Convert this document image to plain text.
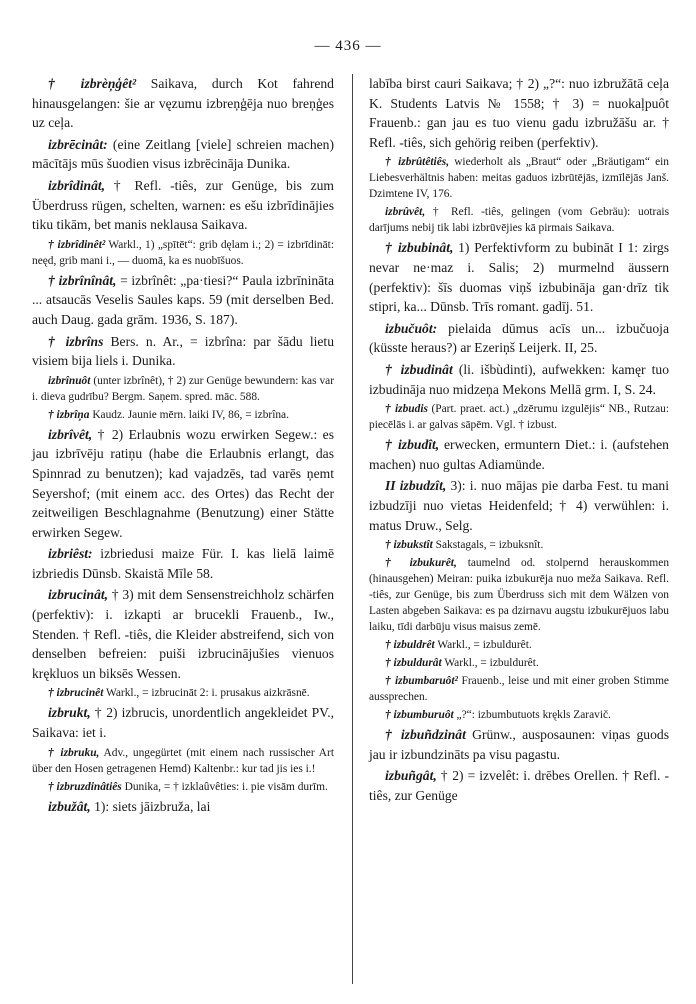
— 436 —

† izbrèņģêt² Saikava, durch Kot fahrend hinausgelangen: šie ar vęzumu izbreņģēja nuo breņģes uz ceļa.

izbrēcinât: (eine Zeitlang [viele] schreien machen) mācītājs mūs šuodien visus izbrēcināja Dunika.

izbrîdinât, † Refl. -tiês, zur Genüge, bis zum Überdruss rügen, schelten, warnen: es ešu izbrīdinājies tiku tikām, bet manis neklausa Saikava.

† izbrîdinêt² Warkl., 1) „spītēt“: grib dęlam i.; 2) = izbrīdināt: neęd, grib mani i., — duomā, ka es nuobīšuos.

† izbrînînât, = izbrînêt: „pa·tiesi?“ Paula izbrīnināta ... atsaucās Veselis Saules kaps. 59 (mit derselben Bed. auch Daug. gada grām. 1936, S. 187).

† izbrîns Bers. n. Ar., = izbrîna: par šādu lietu visiem bija liels i. Dunika.

izbrînuôt (unter izbrînêt), † 2) zur Genüge bewundern: kas var i. dieva gudrību? Bergm. Saņem. spred. māc. 588.

† izbrîņa Kaudz. Jaunie mērn. laiki IV, 86, = izbrîna.

izbrîvêt, † 2) Erlaubnis wozu erwirken Segew.: es jau izbrīvēju ratiņu (habe die Erlaubnis erlangt, das Spinnrad zu benutzen); kad vajadzēs, tad varēs ņemt Seyershof; (mit einem acc. des Ortes) das Recht der zeitweiligen Beschlagnahme (Benutzung) einer Stätte erwirken Segew.

izbriêst: izbriedusi maize Für. I. kas lielā laimē izbriedis Dūnsb. Skaistā Mīle 58.

izbrucinât, † 3) mit dem Sensenstreichholz schärfen (perfektiv): i. izkapti ar brucekli Frauenb., Iw., Stenden. † Refl. -tiês, die Kleider abstreifend, sich von denselben befreien: puiši izbrucinājušies vienuos krękluos un biksēs Wessen.

† izbrucinêt Warkl., = izbrucināt 2: i. prusakus aizkrāsnē.

izbrukt, † 2) izbrucis, unordentlich angekleidet PV., Saikava: iet i.

† izbruku, Adv., ungegürtet (mit einem nach russischer Art über den Hosen getragenen Hemd) Kaltenbr.: kur tad jis ies i.!

† izbruzdinâtiês Dunika, = † izklaûvêties: i. pie visām durīm.

izbužât, 1): siets jāizbruža, lai

labība birst cauri Saikava; † 2) „?“: nuo izbružātā ceļa K. Students Latvis № 1558; † 3) = nuokaļpuôt Frauenb.: gan jau es tuo vienu gadu izbružāšu ar. † Refl. -tiês, sich gehörig reiben (perfektiv).

† izbrûtêtiês, wiederholt als „Braut“ oder „Bräutigam“ ein Liebesverhältnis haben: meitas gaduos izbrūtējās, izmīlējās Janš. Dzimtene IV, 176.

izbrûvêt, † Refl. -tiês, gelingen (vom Gebräu): uotrais darījums nebij tik labi izbrūvējies kā pirmais Saikava.

† izbubinât, 1) Perfektivform zu bubināt I 1: zirgs nevar ne·maz i. Salis; 2) murmelnd äussern (perfektiv): šīs duomas viņš izbubināja gan·drīz tik stipri, ka... Dūnsb. Trīs romant. gadīj. 51.

izbučuôt: pielaida dūmus acīs un... izbučuoja (küsste heraus?) ar Ezeriņš Leijerk. II, 25.

† izbudinât (li. išbùdinti), aufwekken: kamęr tuo izbudināja nuo midzeņa Mekons Mellā grm. I, S. 24.

† izbudis (Part. praet. act.) „dzērumu izgulējis“ NB., Rutzau: piecēlās i. ar galvas sāpēm. Vgl. † izbust.

† izbudît, erwecken, ermuntern Diet.: i. (aufstehen machen) nuo gultas Adiamünde.

II izbudzît, 3): i. nuo mājas pie darba Fest. tu mani izbudzīji nuo vietas Heidenfeld; † 4) verwühlen: i. matus Druw., Selg.

† izbukstît Sakstagals, = izbuksnît.

† izbukurêt, taumelnd od. stolpernd herauskommen (hinausgehen) Meiran: puika izbukurēja nuo meža Saikava. Refl. -tiês, zur Genüge, bis zum Überdruss sich mit dem Wälzen von Lasten abgeben Saikava: es pa dzirnavu augstu izbukurējuos labu laiku, tīdi darbūju visus maisus zemē.

† izbuldrêt Warkl., = izbuldurêt.

† izbuldurât Warkl., = izbuldurêt.

† izbumbaruôt² Frauenb., leise und mit einer groben Stimme aussprechen.

† izbumburuôt „?“: izbumbutuots krękls Zaravič.

† izbuñdzinât Grünw., ausposaunen: viņas guods jau ir izbundzināts pa visu pagastu.

izbuñgât, † 2) = izvelêt: i. drēbes Orellen. † Refl. -tiês, zur Genüge
